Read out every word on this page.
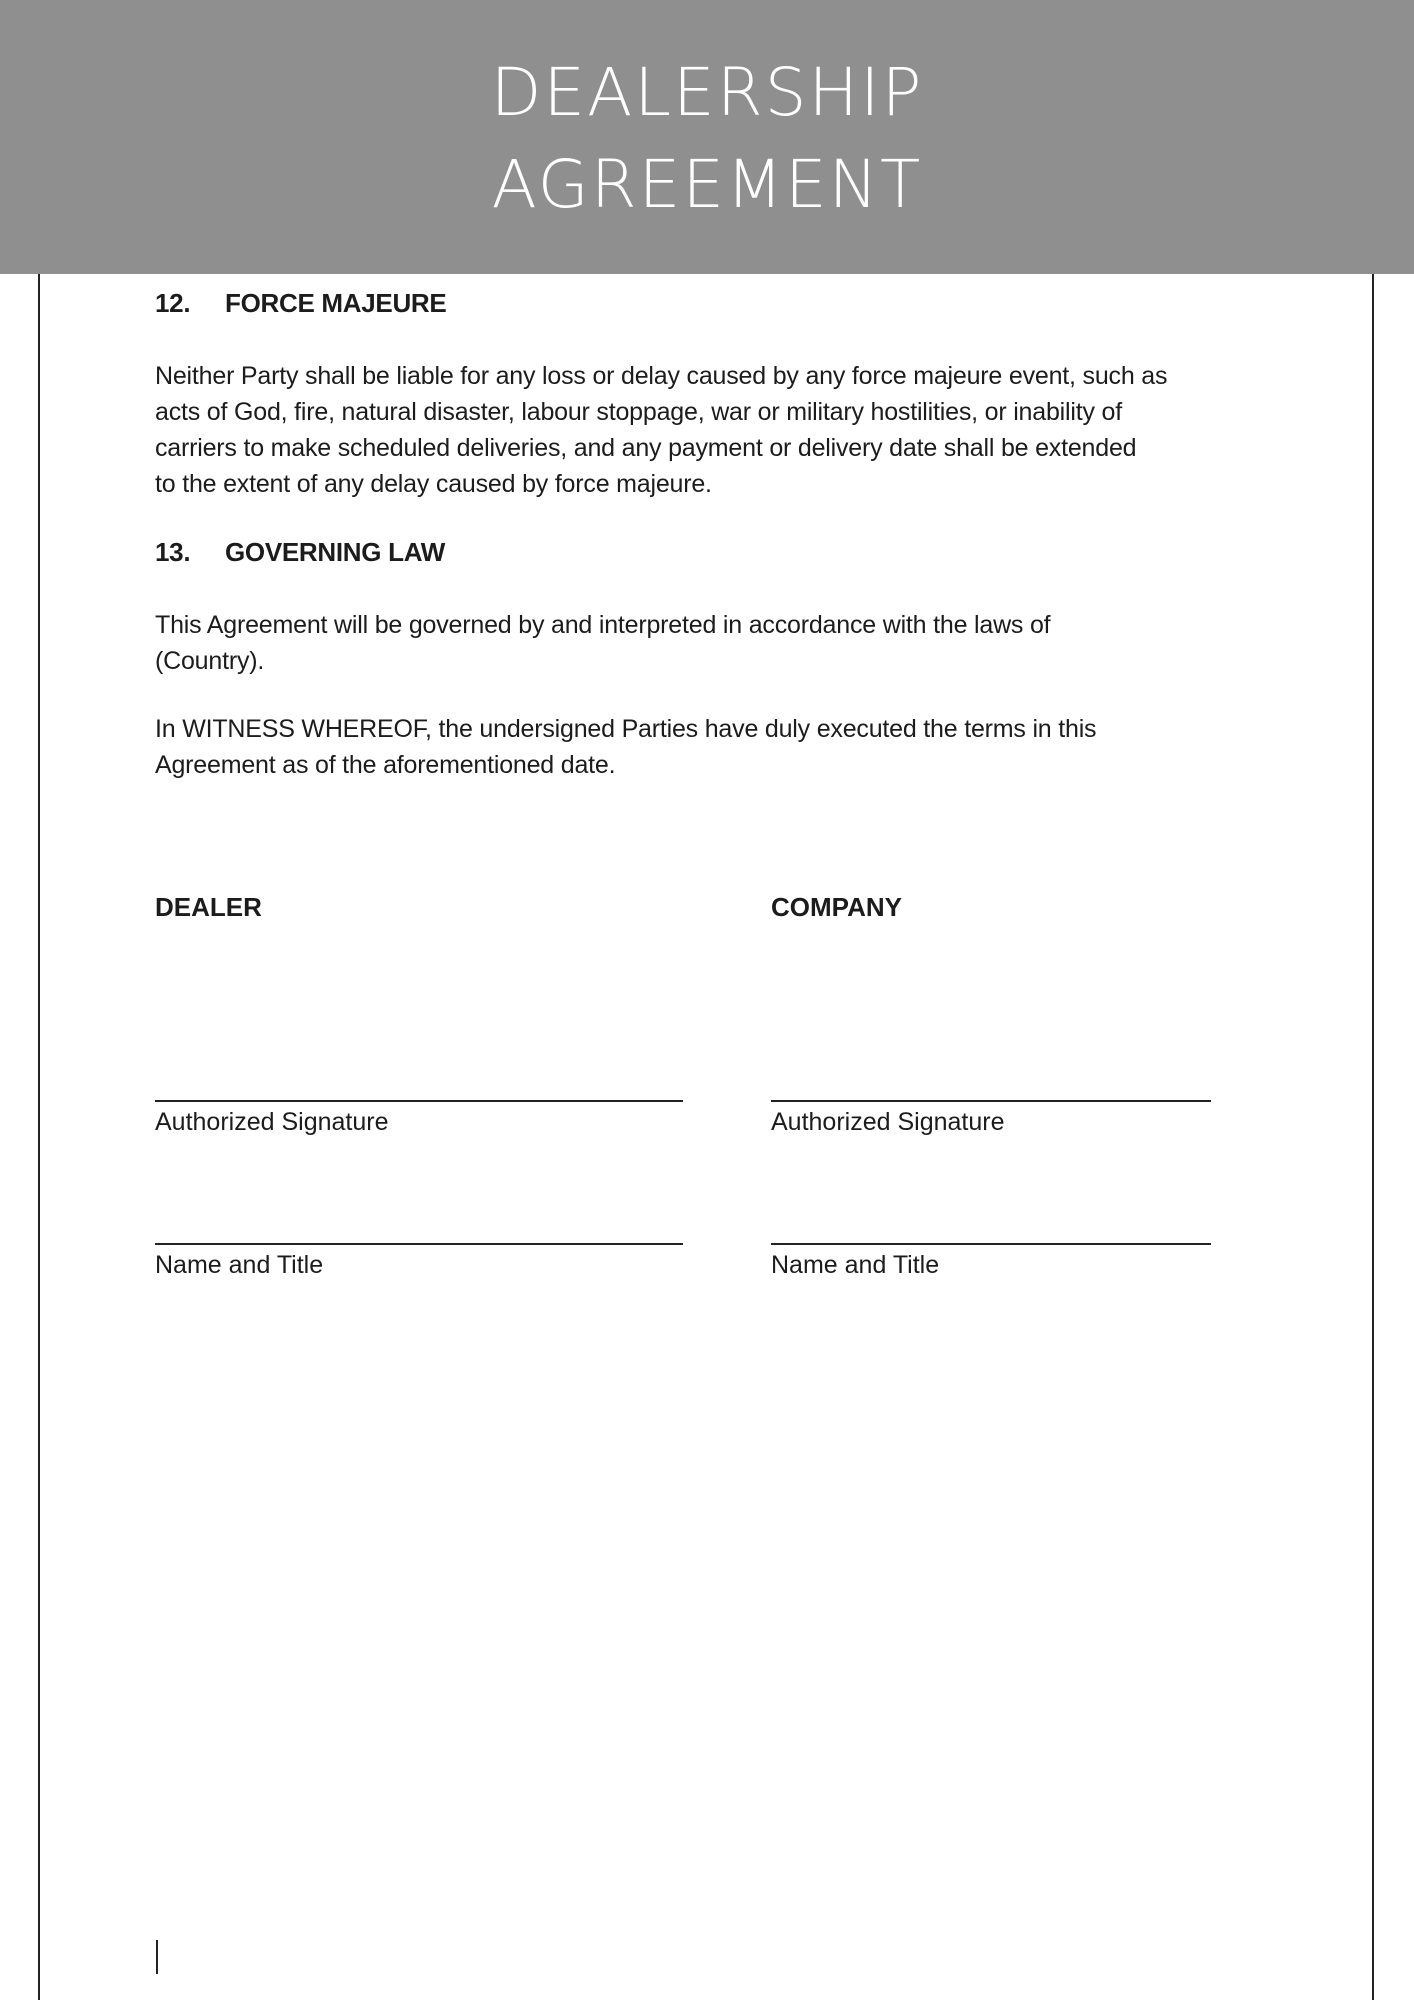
DEALERSHIP
AGREEMENT
12. FORCE MAJEURE
Neither Party shall be liable for any loss or delay caused by any force majeure event, such as
acts of God, fire, natural disaster, labour stoppage, war or military hostilities, or inability of
carriers to make scheduled deliveries, and any payment or delivery date shall be extended
to the extent of any delay caused by force majeure.
13. GOVERNING LAW
This Agreement will be governed by and interpreted in accordance with the laws of
(Country).
In WITNESS WHEREOF, the undersigned Parties have duly executed the terms in this
Agreement as of the aforementioned date.
DEALER
Authorized Signature
Name and Title
COMPANY
Authorized Signature
Name and Title
